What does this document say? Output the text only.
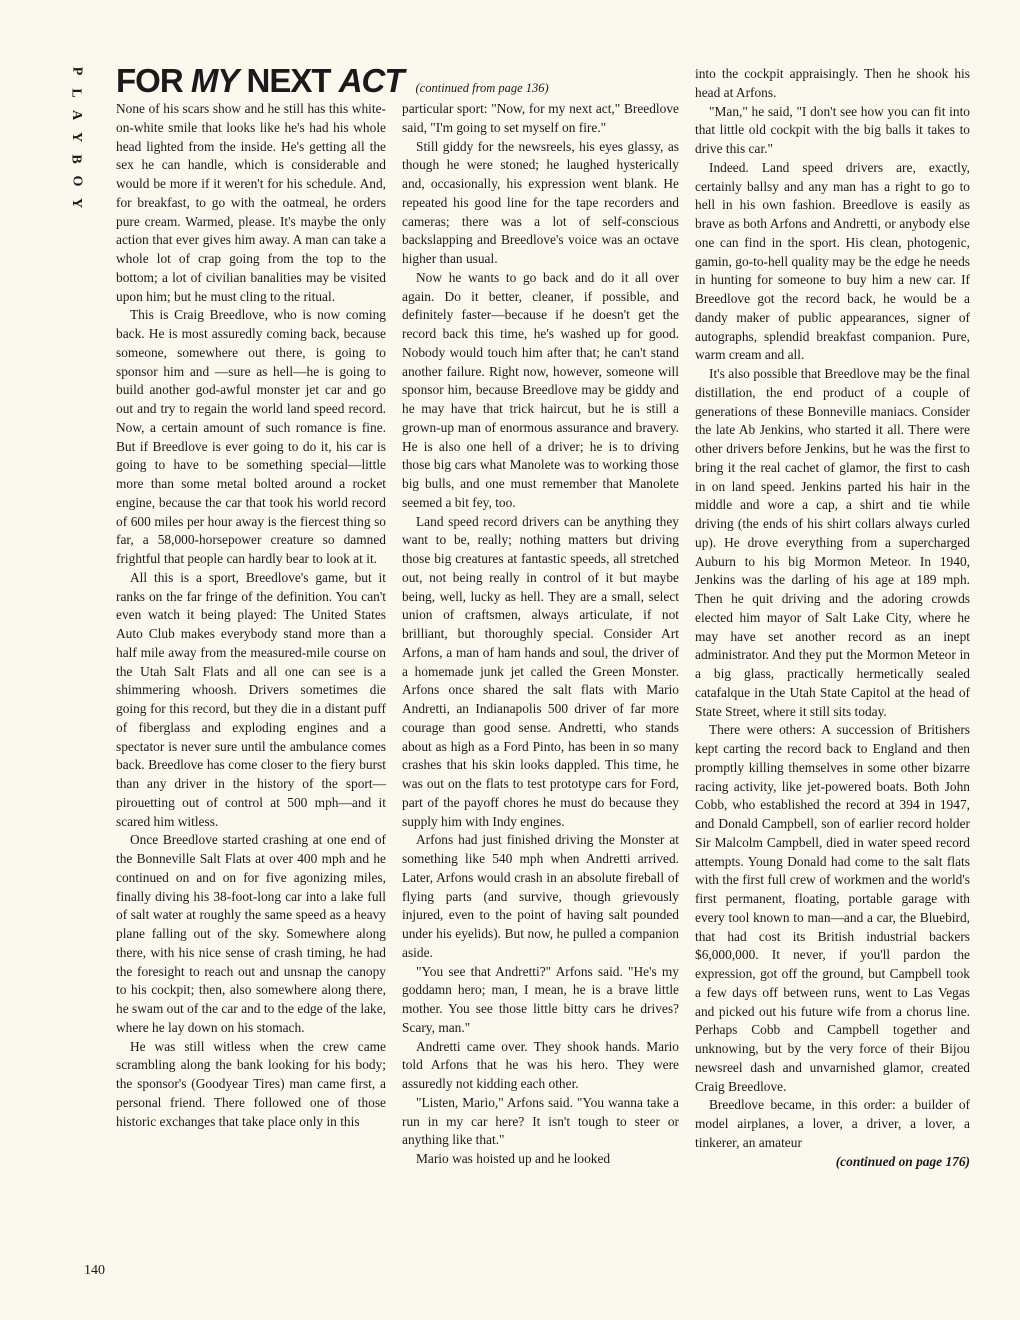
P
L
A
Y
B
O
Y
FOR MY NEXT ACT (continued from page 136)

None of his scars show and he still has this white-on-white smile that looks like he's had his whole head lighted from the inside. He's getting all the sex he can handle, which is considerable and would be more if it weren't for his schedule. And, for breakfast, to go with the oatmeal, he orders pure cream. Warmed, please. It's maybe the only action that ever gives him away. A man can take a whole lot of crap going from the top to the bottom; a lot of civilian banalities may be visited upon him; but he must cling to the ritual.

This is Craig Breedlove, who is now coming back. He is most assuredly coming back, because someone, somewhere out there, is going to sponsor him and —sure as hell—he is going to build another god-awful monster jet car and go out and try to regain the world land speed record. Now, a certain amount of such romance is fine. But if Breedlove is ever going to do it, his car is going to have to be something special—little more than some metal bolted around a rocket engine, because the car that took his world record of 600 miles per hour away is the fiercest thing so far, a 58,000-horsepower creature so damned frightful that people can hardly bear to look at it.

All this is a sport, Breedlove's game, but it ranks on the far fringe of the definition. You can't even watch it being played: The United States Auto Club makes everybody stand more than a half mile away from the measured-mile course on the Utah Salt Flats and all one can see is a shimmering whoosh. Drivers sometimes die going for this record, but they die in a distant puff of fiberglass and exploding engines and a spectator is never sure until the ambulance comes back. Breedlove has come closer to the fiery burst than any driver in the history of the sport—pirouetting out of control at 500 mph—and it scared him witless.

Once Breedlove started crashing at one end of the Bonneville Salt Flats at over 400 mph and he continued on and on for five agonizing miles, finally diving his 38-foot-long car into a lake full of salt water at roughly the same speed as a heavy plane falling out of the sky. Somewhere along there, with his nice sense of crash timing, he had the foresight to reach out and unsnap the canopy to his cockpit; then, also somewhere along there, he swam out of the car and to the edge of the lake, where he lay down on his stomach.

He was still witless when the crew came scrambling along the bank looking for his body; the sponsor's (Goodyear Tires) man came first, a personal friend. There followed one of those historic exchanges that take place only in this

particular sport: "Now, for my next act," Breedlove said, "I'm going to set myself on fire."

Still giddy for the newsreels, his eyes glassy, as though he were stoned; he laughed hysterically and, occasionally, his expression went blank. He repeated his good line for the tape recorders and cameras; there was a lot of self-conscious backslapping and Breedlove's voice was an octave higher than usual.

Now he wants to go back and do it all over again. Do it better, cleaner, if possible, and definitely faster—because if he doesn't get the record back this time, he's washed up for good. Nobody would touch him after that; he can't stand another failure. Right now, however, someone will sponsor him, because Breedlove may be giddy and he may have that trick haircut, but he is still a grown-up man of enormous assurance and bravery. He is also one hell of a driver; he is to driving those big cars what Manolete was to working those big bulls, and one must remember that Manolete seemed a bit fey, too.

Land speed record drivers can be anything they want to be, really; nothing matters but driving those big creatures at fantastic speeds, all stretched out, not being really in control of it but maybe being, well, lucky as hell. They are a small, select union of craftsmen, always articulate, if not brilliant, but thoroughly special. Consider Art Arfons, a man of ham hands and soul, the driver of a homemade junk jet called the Green Monster. Arfons once shared the salt flats with Mario Andretti, an Indianapolis 500 driver of far more courage than good sense. Andretti, who stands about as high as a Ford Pinto, has been in so many crashes that his skin looks dappled. This time, he was out on the flats to test prototype cars for Ford, part of the payoff chores he must do because they supply him with Indy engines.

Arfons had just finished driving the Monster at something like 540 mph when Andretti arrived. Later, Arfons would crash in an absolute fireball of flying parts (and survive, though grievously injured, even to the point of having salt pounded under his eyelids). But now, he pulled a companion aside.

"You see that Andretti?" Arfons said. "He's my goddamn hero; man, I mean, he is a brave little mother. You see those little bitty cars he drives? Scary, man."

Andretti came over. They shook hands. Mario told Arfons that he was his hero. They were assuredly not kidding each other.

"Listen, Mario," Arfons said. "You wanna take a run in my car here? It isn't tough to steer or anything like that."

Mario was hoisted up and he looked

into the cockpit appraisingly. Then he shook his head at Arfons.

"Man," he said, "I don't see how you can fit into that little old cockpit with the big balls it takes to drive this car."

Indeed. Land speed drivers are, exactly, certainly ballsy and any man has a right to go to hell in his own fashion. Breedlove is easily as brave as both Arfons and Andretti, or anybody else one can find in the sport. His clean, photogenic, gamin, go-to-hell quality may be the edge he needs in hunting for someone to buy him a new car. If Breedlove got the record back, he would be a dandy maker of public appearances, signer of autographs, splendid breakfast companion. Pure, warm cream and all.

It's also possible that Breedlove may be the final distillation, the end product of a couple of generations of these Bonneville maniacs. Consider the late Ab Jenkins, who started it all. There were other drivers before Jenkins, but he was the first to bring it the real cachet of glamor, the first to cash in on land speed. Jenkins parted his hair in the middle and wore a cap, a shirt and tie while driving (the ends of his shirt collars always curled up). He drove everything from a supercharged Auburn to his big Mormon Meteor. In 1940, Jenkins was the darling of his age at 189 mph. Then he quit driving and the adoring crowds elected him mayor of Salt Lake City, where he may have set another record as an inept administrator. And they put the Mormon Meteor in a big glass, practically hermetically sealed catafalque in the Utah State Capitol at the head of State Street, where it still sits today.

There were others: A succession of Britishers kept carting the record back to England and then promptly killing themselves in some other bizarre racing activity, like jet-powered boats. Both John Cobb, who established the record at 394 in 1947, and Donald Campbell, son of earlier record holder Sir Malcolm Campbell, died in water speed record attempts. Young Donald had come to the salt flats with the first full crew of workmen and the world's first permanent, floating, portable garage with every tool known to man—and a car, the Bluebird, that had cost its British industrial backers $6,000,000. It never, if you'll pardon the expression, got off the ground, but Campbell took a few days off between runs, went to Las Vegas and picked out his future wife from a chorus line. Perhaps Cobb and Campbell together and unknowing, but by the very force of their Bijou newsreel dash and unvarnished glamor, created Craig Breedlove.

Breedlove became, in this order: a builder of model airplanes, a lover, a driver, a lover, a tinkerer, an amateur

(continued on page 176)

140
